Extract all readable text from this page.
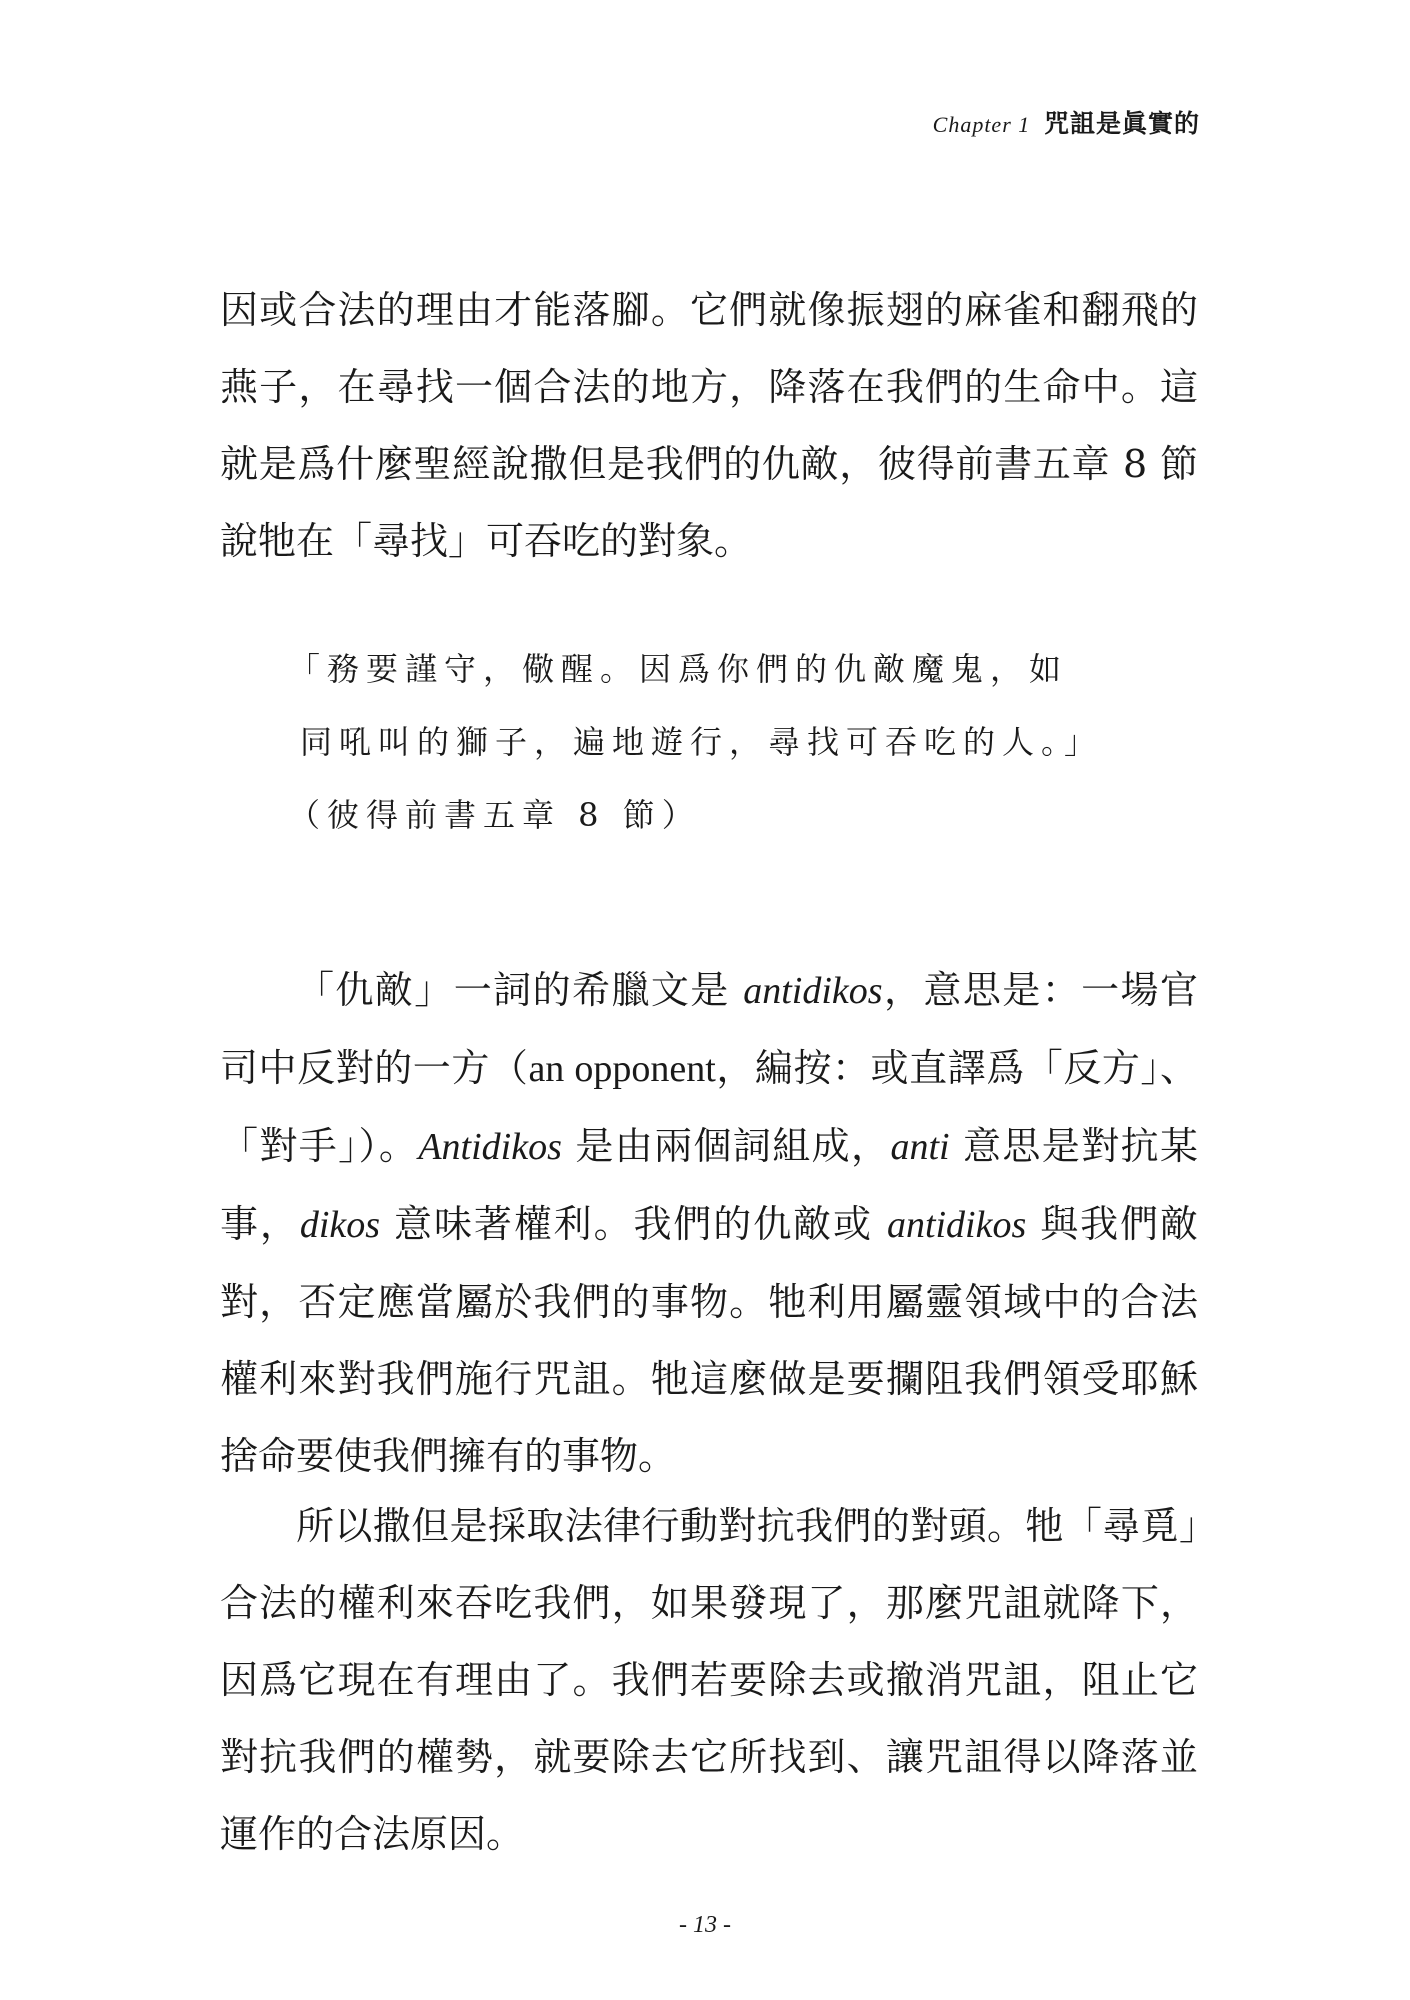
Chapter 1 咒詛是眞實的

因或合法的理由才能落腳。它們就像振翅的麻雀和翻飛的燕子，在尋找一個合法的地方，降落在我們的生命中。這就是爲什麼聖經說撒但是我們的仇敵，彼得前書五章 8 節說牠在「尋找」可吞吃的對象。

「務要謹守，儆醒。因爲你們的仇敵魔鬼，如
同吼叫的獅子，遍地遊行，尋找可吞吃的人。」
（彼得前書五章 8 節）

「仇敵」一詞的希臘文是 antidikos，意思是：一場官司中反對的一方（an opponent，編按：或直譯爲「反方」、「對手」）。Antidikos 是由兩個詞組成，anti 意思是對抗某事，dikos 意味著權利。我們的仇敵或 antidikos 與我們敵對，否定應當屬於我們的事物。牠利用屬靈領域中的合法權利來對我們施行咒詛。牠這麼做是要攔阻我們領受耶穌捨命要使我們擁有的事物。

所以撒但是採取法律行動對抗我們的對頭。牠「尋覓」合法的權利來吞吃我們，如果發現了，那麼咒詛就降下，因爲它現在有理由了。我們若要除去或撤消咒詛，阻止它對抗我們的權勢，就要除去它所找到、讓咒詛得以降落並運作的合法原因。

- 13 -
